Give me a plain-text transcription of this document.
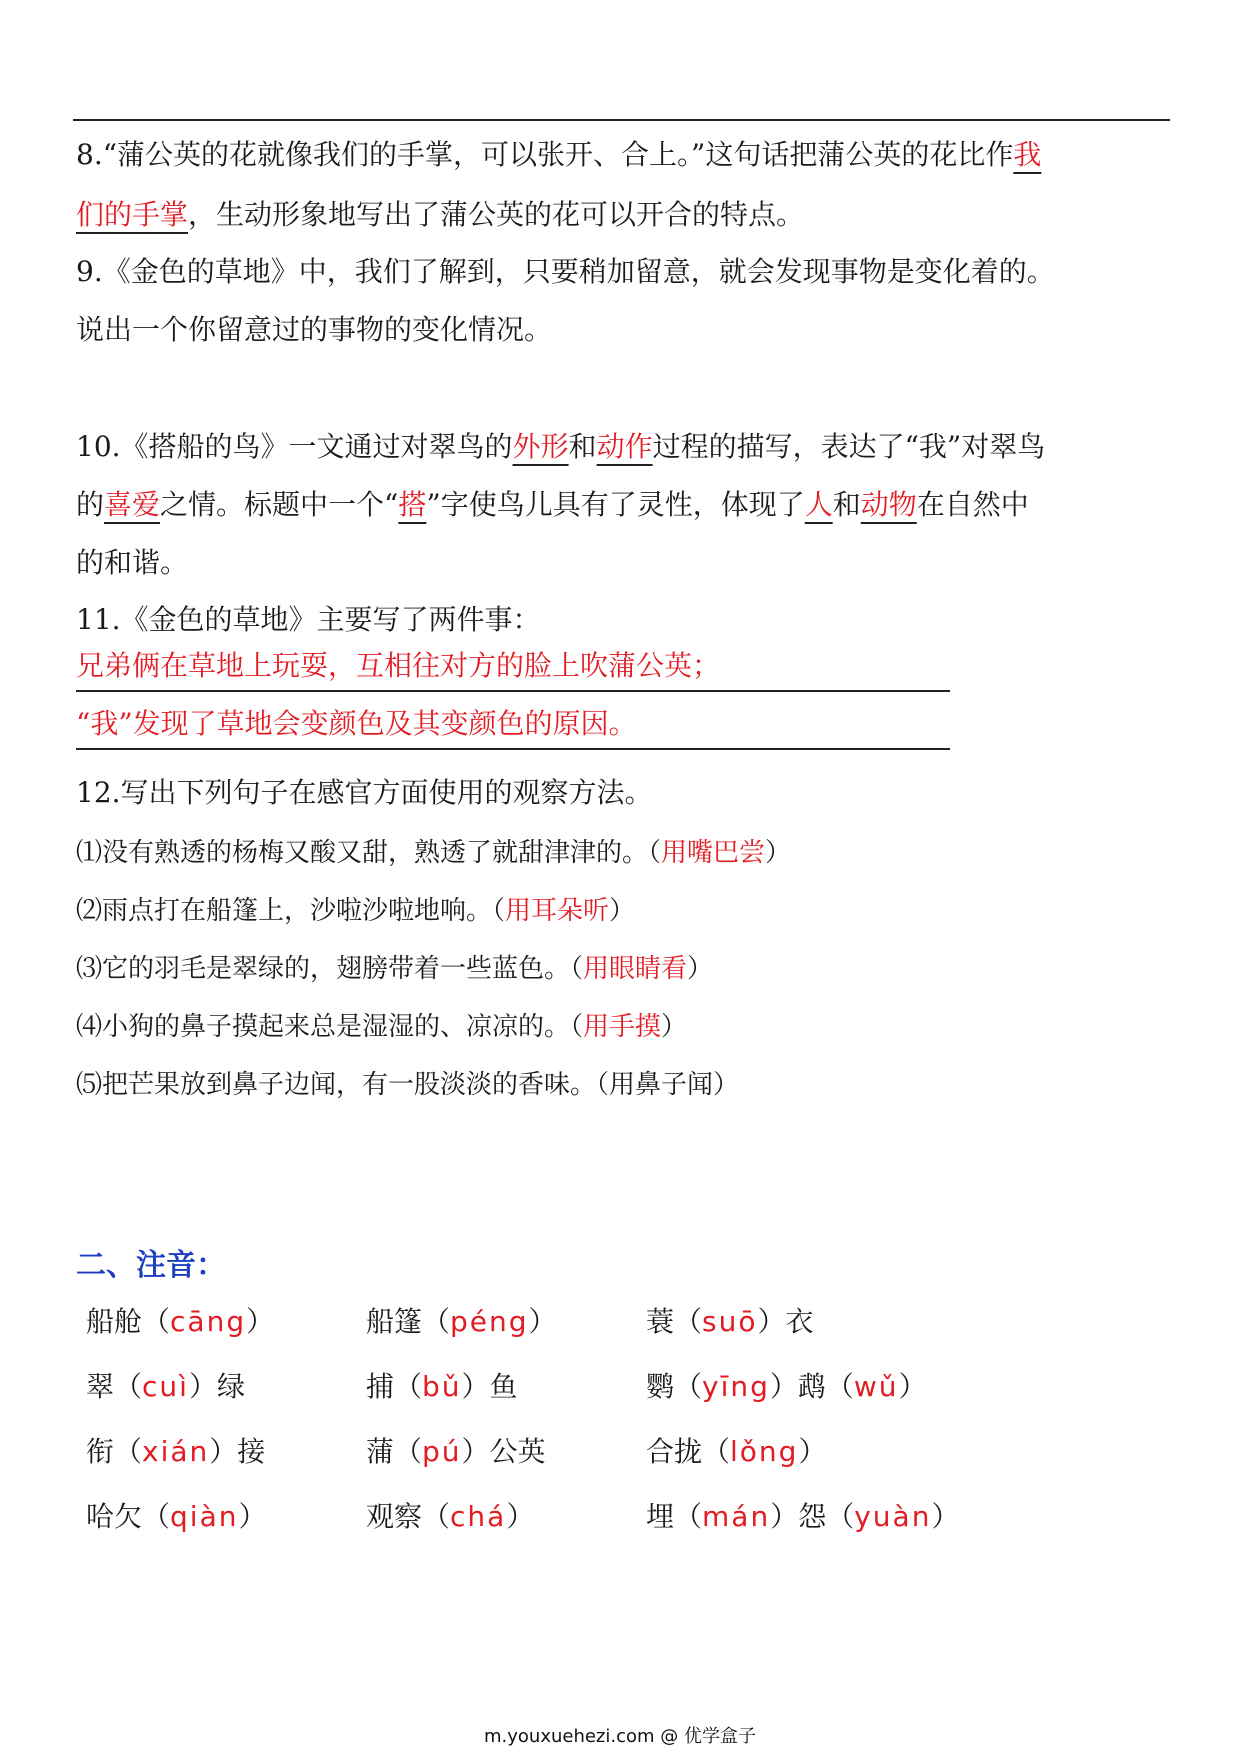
8.“蒲公英的花就像我们的手掌，可以张开、合上。”这句话把蒲公英的花比作我
们的手掌，生动形象地写出了蒲公英的花可以开合的特点。
9.《金色的草地》中，我们了解到，只要稍加留意，就会发现事物是变化着的。
说出一个你留意过的事物的变化情况。
10.《搭船的鸟》一文通过对翠鸟的外形和动作过程的描写，表达了“我”对翠鸟
的喜爱之情。标题中一个“搭”字使鸟儿具有了灵性，体现了人和动物在自然中
的和谐。
11.《金色的草地》主要写了两件事：
兄弟俩在草地上玩耍，互相往对方的脸上吹蒲公英；
“我”发现了草地会变颜色及其变颜色的原因。
12.写出下列句子在感官方面使用的观察方法。
⑴没有熟透的杨梅又酸又甜，熟透了就甜津津的。（用嘴巴尝）
⑵雨点打在船篷上，沙啦沙啦地响。（用耳朵听）
⑶它的羽毛是翠绿的，翅膀带着一些蓝色。（用眼睛看）
⑷小狗的鼻子摸起来总是湿湿的、凉凉的。（用手摸）
⑸把芒果放到鼻子边闻，有一股淡淡的香味。（用鼻子闻）
二、注音：
船舱（cāng）	船篷（péng）	蓑（suō）衣
翠（cuì）绿	捕（bǔ）鱼	鹦（yīng）鹉（wǔ）
衔（xián）接	蒲（pú）公英	合拢（lǒng）
哈欠（qiàn）	观察（chá）	埋（mán）怨（yuàn）
m.youxuehezi.com @ 优学盒子
